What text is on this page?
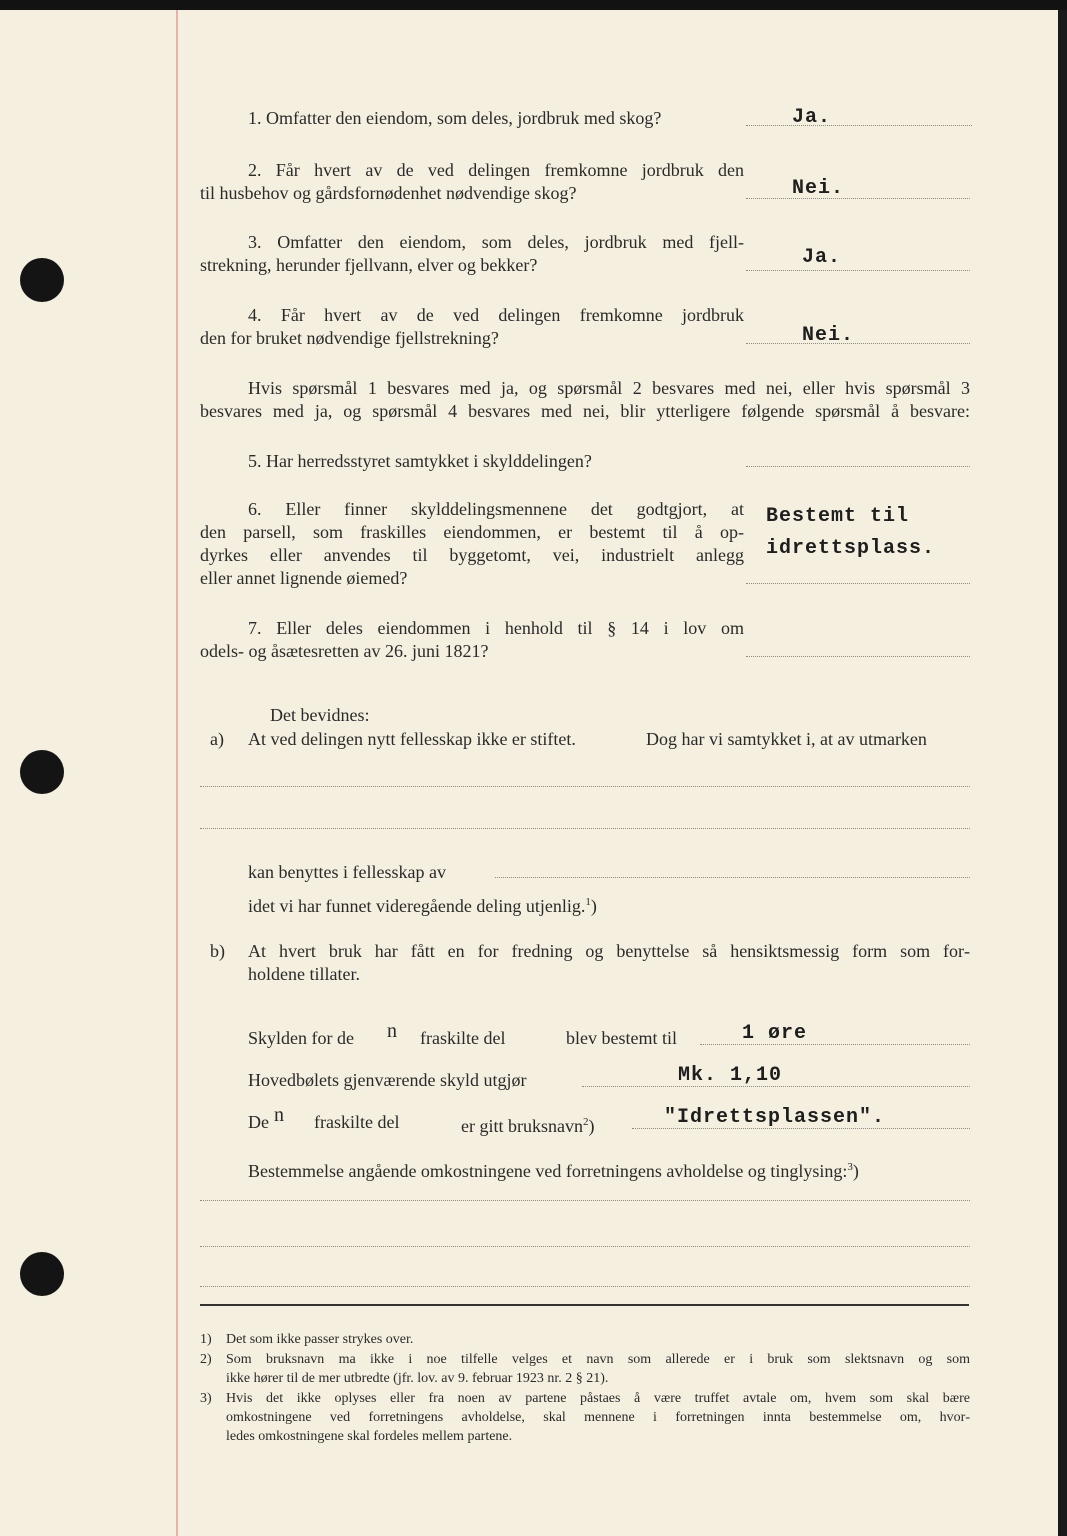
1. Omfatter den eiendom, som deles, jordbruk med skog?	Ja.
2. Får hvert av de ved delingen fremkomne jordbruk den
til husbehov og gårdsfornødenhet nødvendige skog?	Nei.
3. Omfatter den eiendom, som deles, jordbruk med fjell‑
strekning, herunder fjellvann, elver og bekker?	Ja.
4. Får hvert av de ved delingen fremkomne jordbruk
den for bruket nødvendige fjellstrekning?	Nei.
Hvis spørsmål 1 besvares med ja, og spørsmål 2 besvares med nei, eller hvis spørsmål 3
besvares med ja, og spørsmål 4 besvares med nei, blir ytterligere følgende spørsmål å besvare:
5. Har herredsstyret samtykket i skylddelingen?
6. Eller finner skylddelingsmennene det godtgjort, at
den parsell, som fraskilles eiendommen, er bestemt til å op‑
dyrkes eller anvendes til byggetomt, vei, industrielt anlegg
eller annet lignende øiemed?
Bestemt til
idrettsplass.
7. Eller deles eiendommen i henhold til § 14 i lov om
odels‑ og åsætesretten av 26. juni 1821?
Det bevidnes:
a) At ved delingen nytt fellesskap ikke er stiftet.	Dog har vi samtykket i, at av utmarken
kan benyttes i fellesskap av
idet vi har funnet videregående deling utjenlig.$^1$)
b) At hvert bruk har fått en for fredning og benyttelse så hensiktsmessig form som for‑
holdene tillater.
Skylden for de n fraskilte del	blev bestemt til	1 øre
Hovedbølets gjenværende skyld utgjør	Mk. 1,10
De n fraskilte del	er gitt bruksnavn$^2$)	"Idrettsplassen".
Bestemmelse angående omkostningene ved forretningens avholdelse og tinglysing:$^3$)
1) Det som ikke passer strykes over.
2) Som bruksnavn ma ikke i noe tilfelle velges et navn som allerede er i bruk som slektsnavn og som
ikke hører til de mer utbredte (jfr. lov. av 9. februar 1923 nr. 2 § 21).
3) Hvis det ikke oplyses eller fra noen av partene påstaes å være truffet avtale om, hvem som skal bære
omkostningene ved forretningens avholdelse, skal mennene i forretningen innta bestemmelse om, hvor‑
ledes omkostningene skal fordeles mellem partene.
